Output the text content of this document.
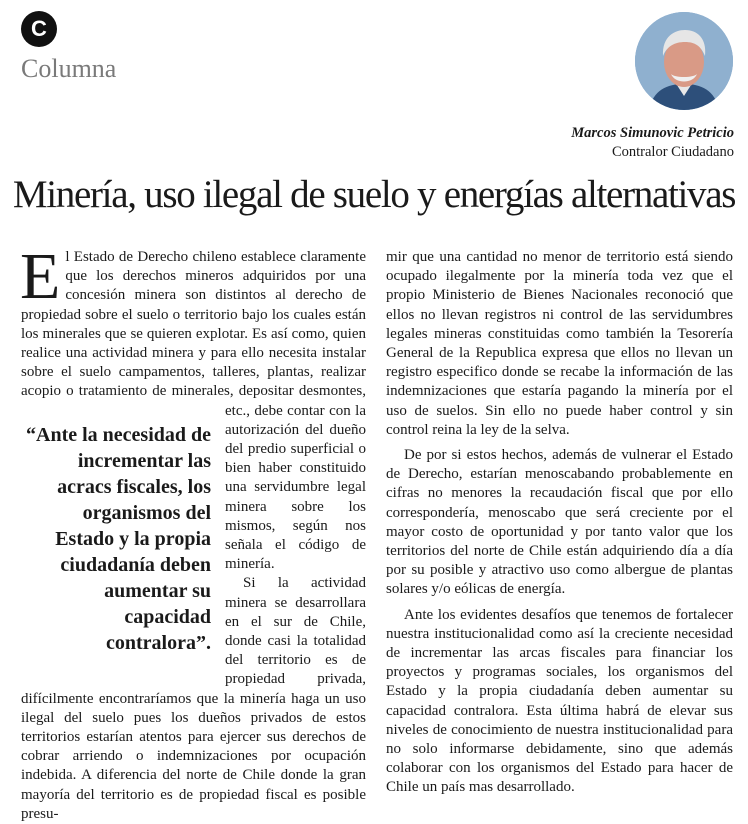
C
Columna
Marcos Simunovic Petricio
Contralor Ciudadano
Minería, uso ilegal de suelo y energías alternativas

El Estado de Derecho chileno establece claramente que los derechos mineros adquiridos por una concesión minera son distintos al derecho de propiedad sobre el suelo o territorio bajo los cuales están los minerales que se quieren explotar. Es así como, quien realice una actividad minera y para ello necesita instalar sobre el suelo campamentos, talleres, plantas, realizar acopio o tratamiento de
“Ante la necesidad de incrementar las acracs fiscales, los organismos del Estado y la propia ciudadanía deben aumentar su capacidad contralora”.
minerales, depositar desmontes, etc., debe contar con la autorización del dueño del predio superficial o bien haber constituido una servidumbre legal minera sobre los mismos, según nos señala el código de minería.

Si la actividad minera se desarrollara en el sur de Chile, donde casi la totalidad del territorio es de propiedad privada, difícilmente encontraríamos que la minería haga un uso ilegal del suelo pues los dueños privados de estos territorios estarían atentos para ejercer sus derechos de cobrar arriendo o indemnizaciones por ocupación indebida. A diferencia del norte de Chile donde la gran mayoría del territorio es de propiedad fiscal es posible presu-

mir que una cantidad no menor de territorio está siendo ocupado ilegalmente por la minería toda vez que el propio Ministerio de Bienes Nacionales reconoció que ellos no llevan registros ni control de las servidumbres legales mineras constituidas como también la Tesorería General de la Republica expresa que ellos no llevan un registro especifico donde se recabe la información de las indemnizaciones que estaría pagando la minería por el uso de suelos. Sin ello no puede haber control y sin control reina la ley de la selva.

De por si estos hechos, además de vulnerar el Estado de Derecho, estarían menoscabando probablemente en cifras no menores la recaudación fiscal que por ello correspondería, menoscabo que será creciente por el mayor costo de oportunidad y por tanto valor que los territorios del norte de Chile están adquiriendo día a día por su posible y atractivo uso como albergue de plantas solares y/o eólicas de energía.

Ante los evidentes desafíos que tenemos de fortalecer nuestra institucionalidad como así la creciente necesidad de incrementar las arcas fiscales para financiar los proyectos y programas sociales, los organismos del Estado y la propia ciudadanía deben aumentar su capacidad contralora. Esta última habrá de elevar sus niveles de conocimiento de nuestra institucionalidad para no solo informarse debidamente, sino que además colaborar con los organismos del Estado para hacer de Chile un país mas desarrollado.
